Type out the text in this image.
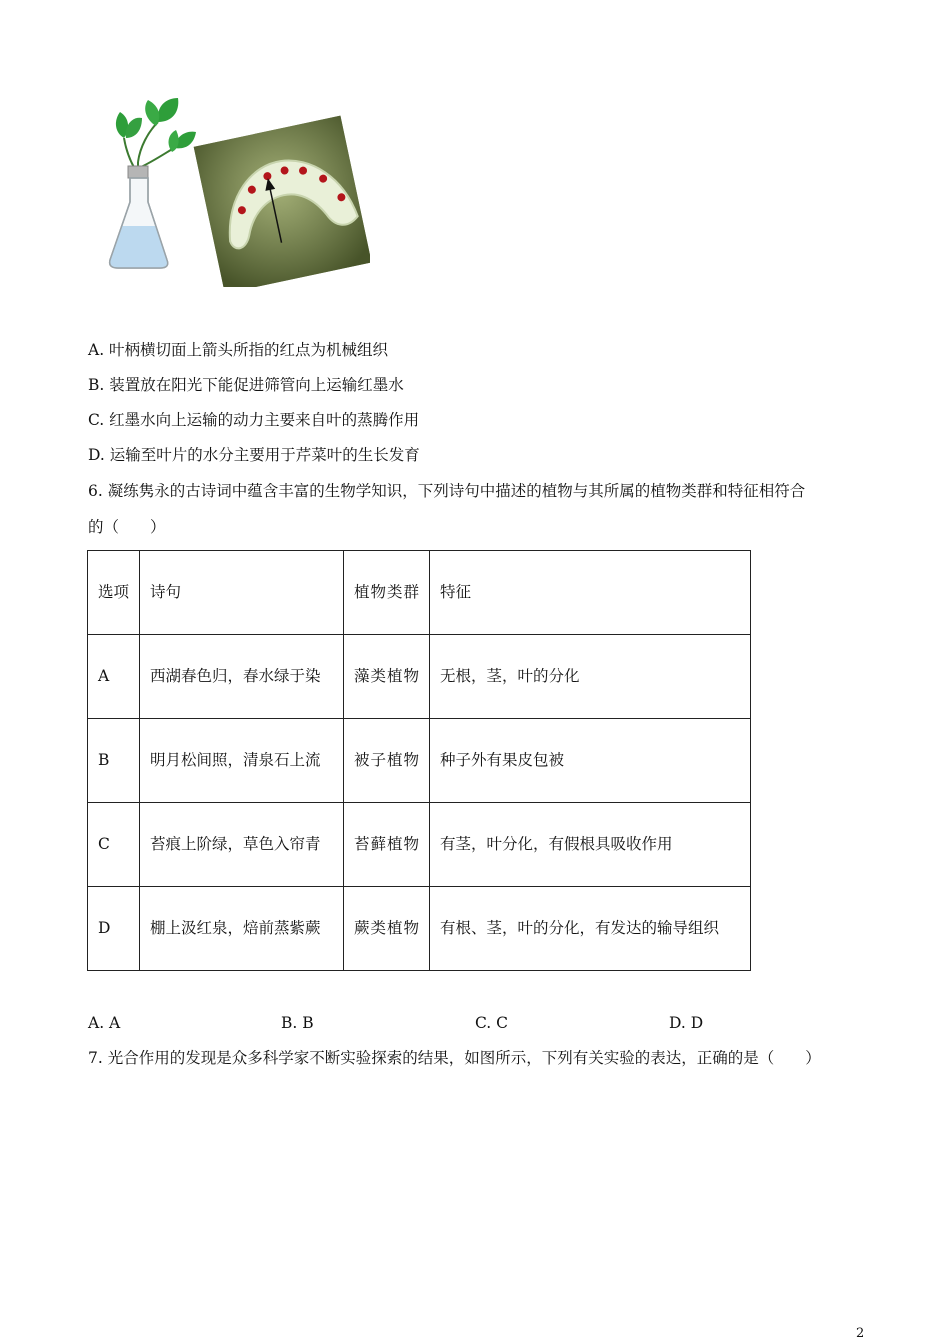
A. 叶柄横切面上箭头所指的红点为机械组织
B. 装置放在阳光下能促进筛管向上运输红墨水
C. 红墨水向上运输的动力主要来自叶的蒸腾作用
D. 运输至叶片的水分主要用于芹菜叶的生长发育
6. 凝练隽永的古诗词中蕴含丰富的生物学知识，下列诗句中描述的植物与其所属的植物类群和特征相符合
的（　　）
选项	诗句	植物类群	特征
A	西湖春色归，春水绿于染	藻类植物	无根，茎，叶的分化
B	明月松间照，清泉石上流	被子植物	种子外有果皮包被
C	苔痕上阶绿，草色入帘青	苔藓植物	有茎，叶分化，有假根具吸收作用
D	棚上汲红泉，焙前蒸紫蕨	蕨类植物	有根、茎，叶的分化，有发达的输导组织
A. A	B. B	C. C	D. D
7. 光合作用的发现是众多科学家不断实验探索的结果，如图所示，下列有关实验的表达，正确的是（　　）
2
